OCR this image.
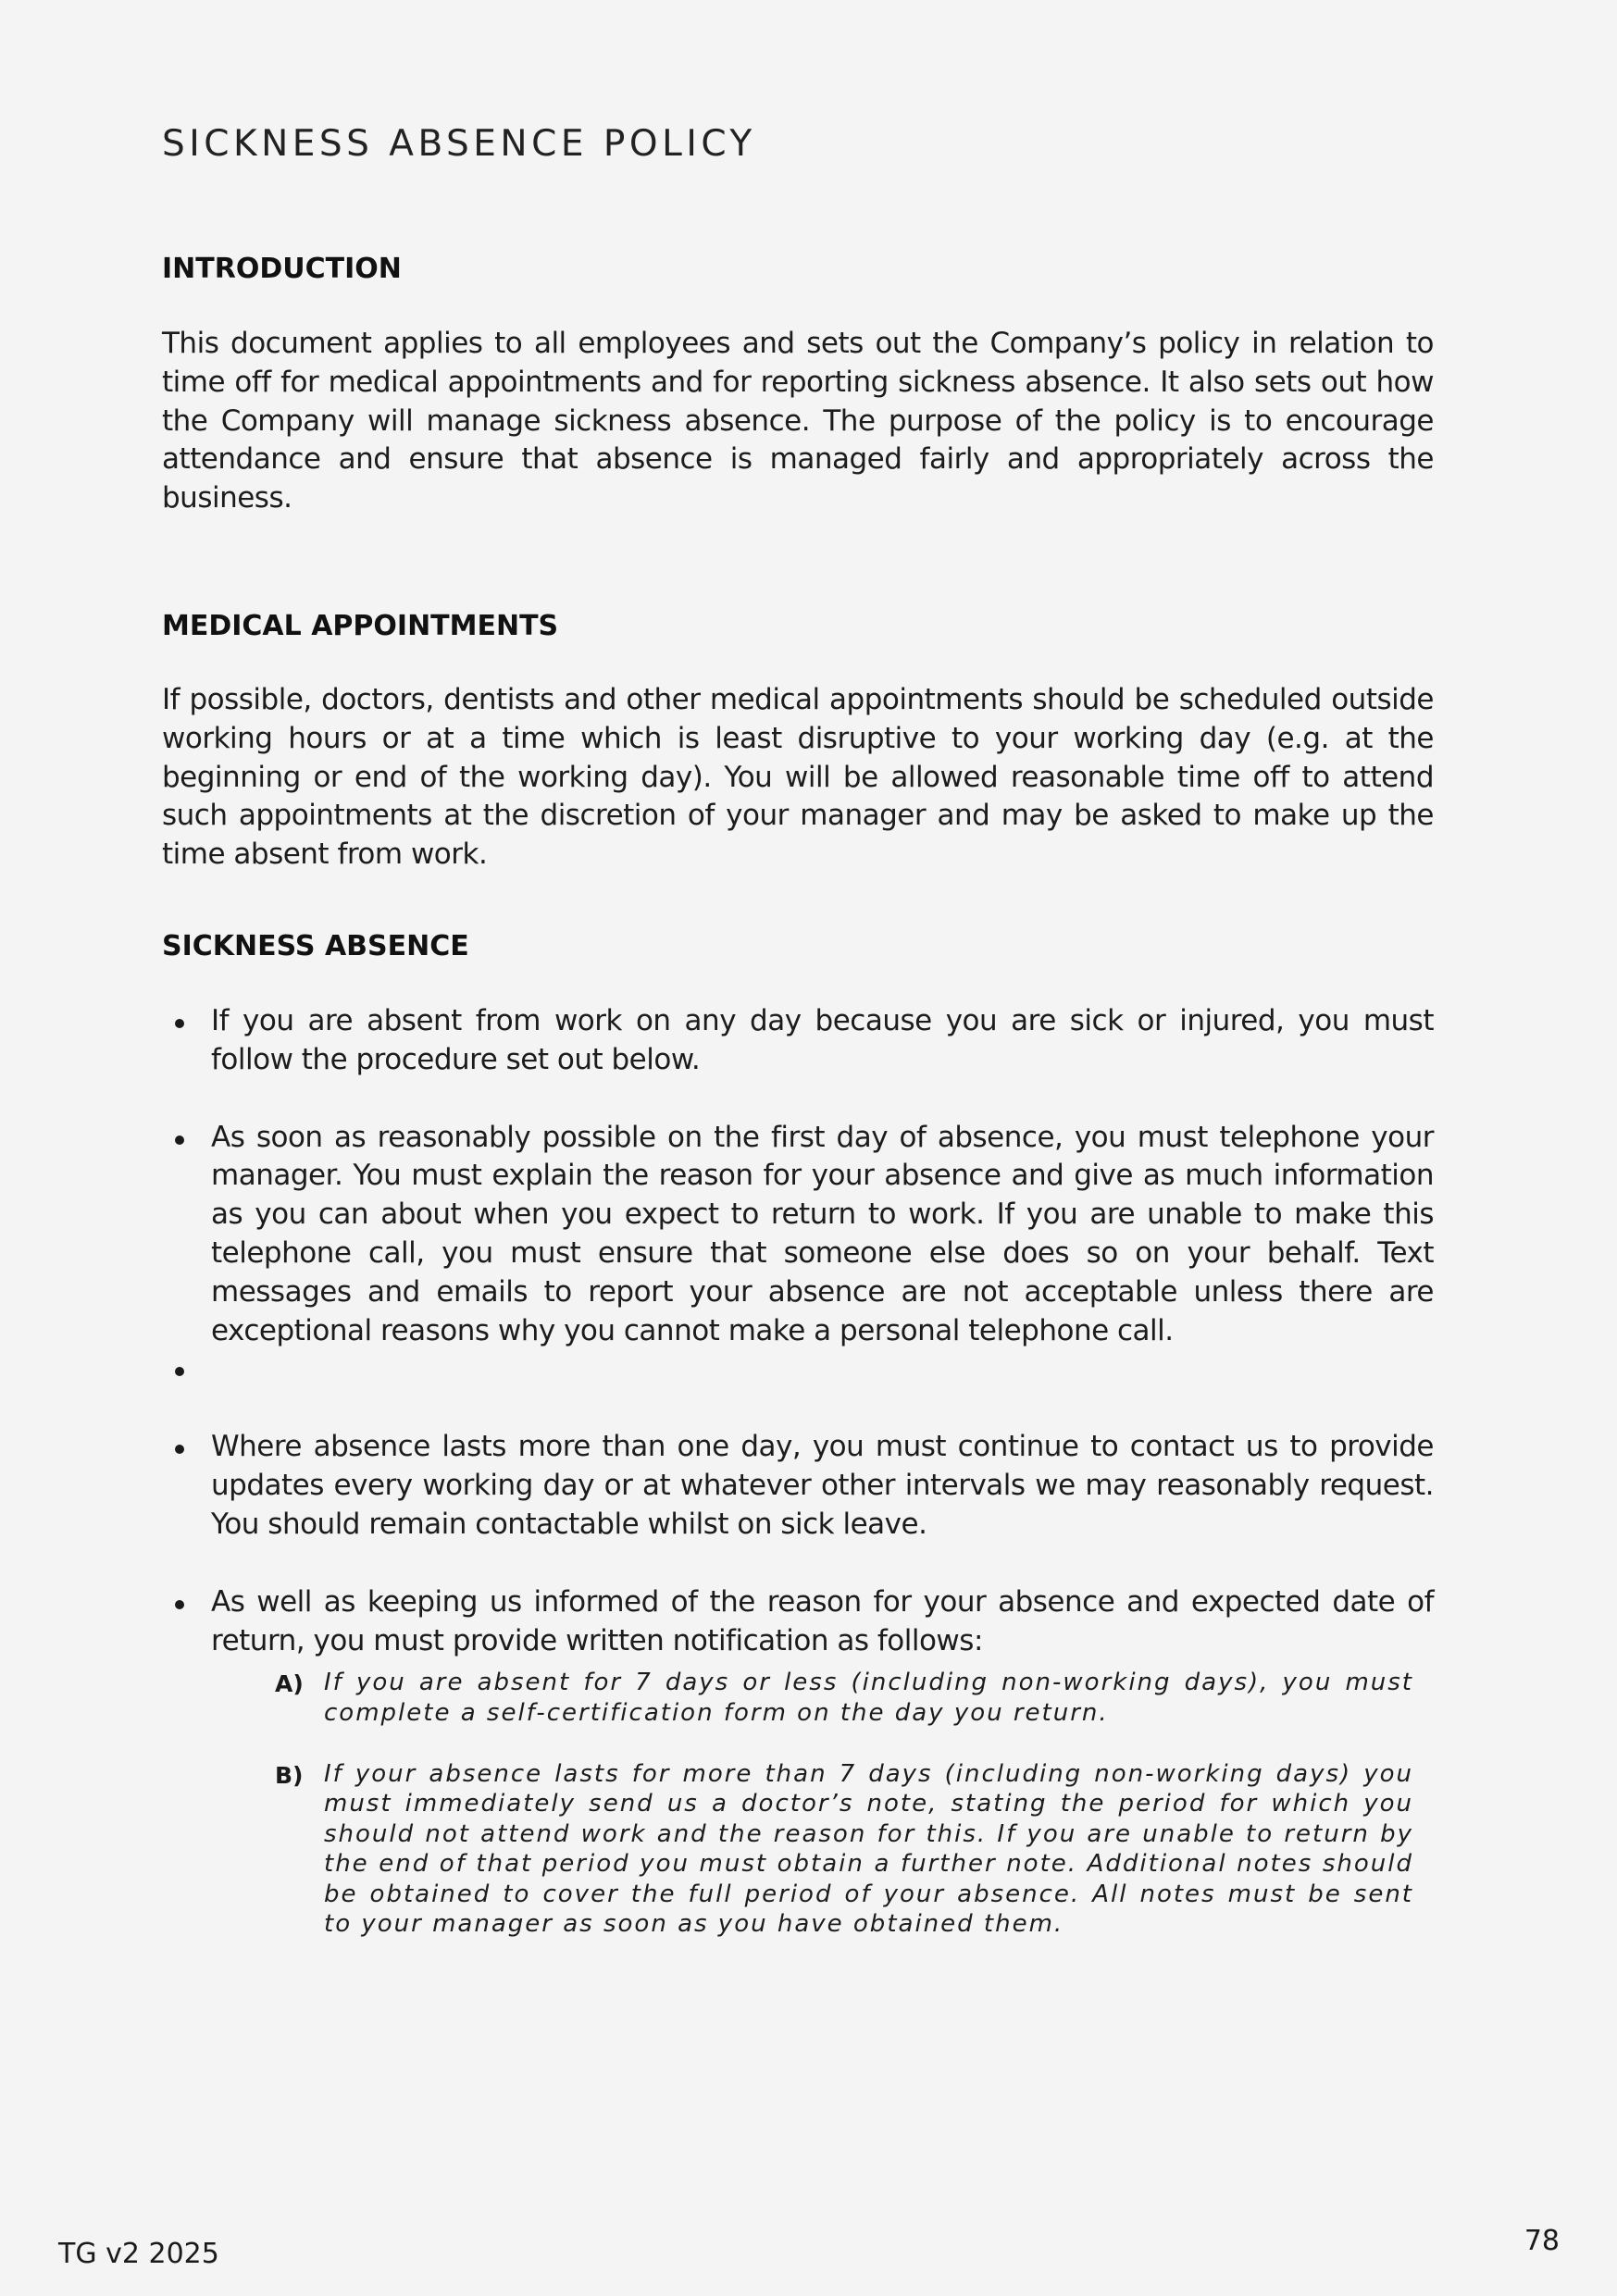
SICKNESS ABSENCE POLICY
INTRODUCTION

This document applies to all employees and sets out the Company’s policy in relation to time off for medical appointments and for reporting sickness absence. It also sets out how the Company will manage sickness absence. The purpose of the policy is to encourage attendance and ensure that absence is managed fairly and appropriately across the business.

MEDICAL APPOINTMENTS

If possible, doctors, dentists and other medical appointments should be scheduled outside working hours or at a time which is least disruptive to your working day (e.g. at the beginning or end of the working day). You will be allowed reasonable time off to attend such appointments at the discretion of your manager and may be asked to make up the time absent from work.

SICKNESS ABSENCE

If you are absent from work on any day because you are sick or injured, you must follow the procedure set out below.

As soon as reasonably possible on the first day of absence, you must telephone your manager. You must explain the reason for your absence and give as much information as you can about when you expect to return to work. If you are unable to make this telephone call, you must ensure that someone else does so on your behalf. Text messages and emails to report your absence are not acceptable unless there are exceptional reasons why you cannot make a personal telephone call.

Where absence lasts more than one day, you must continue to contact us to provide updates every working day or at whatever other intervals we may reasonably request. You should remain contactable whilst on sick leave.

As well as keeping us informed of the reason for your absence and expected date of return, you must provide written notification as follows:

A) If you are absent for 7 days or less (including non-working days), you must complete a self-certification form on the day you return.

B) If your absence lasts for more than 7 days (including non-working days) you must immediately send us a doctor’s note, stating the period for which you should not attend work and the reason for this. If you are unable to return by the end of that period you must obtain a further note. Additional notes should be obtained to cover the full period of your absence. All notes must be sent to your manager as soon as you have obtained them.

TG v2 2025	78
